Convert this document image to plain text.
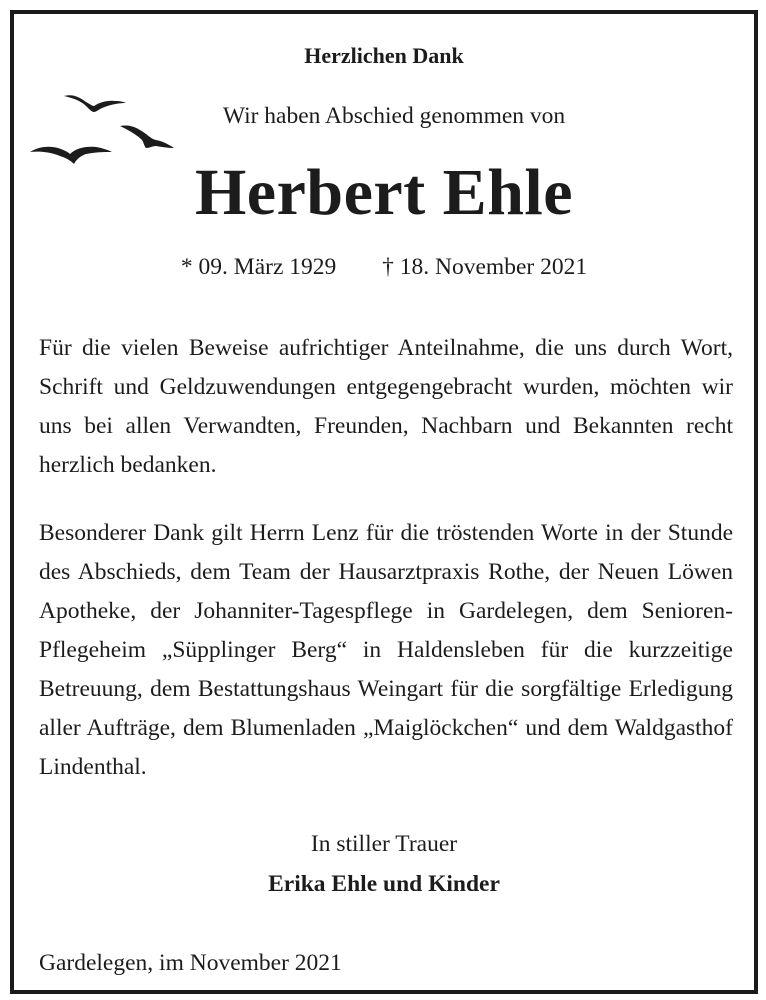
Herzlichen Dank
Wir haben Abschied genommen von
Herbert Ehle
* 09. März 1929 † 18. November 2021

Für die vielen Beweise aufrichtiger Anteilnahme, die uns durch Wort, Schrift und Geldzuwendungen entgegengebracht wurden, möchten wir uns bei allen Verwandten, Freunden, Nachbarn und Bekannten recht herzlich bedanken.

Besonderer Dank gilt Herrn Lenz für die tröstenden Worte in der Stunde des Abschieds, dem Team der Hausarztpraxis Rothe, der Neuen Löwen Apotheke, der Johanniter-Tagespflege in Gardelegen, dem Senioren-Pflegeheim „Süpplinger Berg“ in Haldensleben für die kurzzeitige Betreuung, dem Bestattungshaus Weingart für die sorgfältige Erledigung aller Aufträge, dem Blumenladen „Maiglöckchen“ und dem Waldgasthof Lindenthal.

In stiller Trauer
Erika Ehle und Kinder
Gardelegen, im November 2021
